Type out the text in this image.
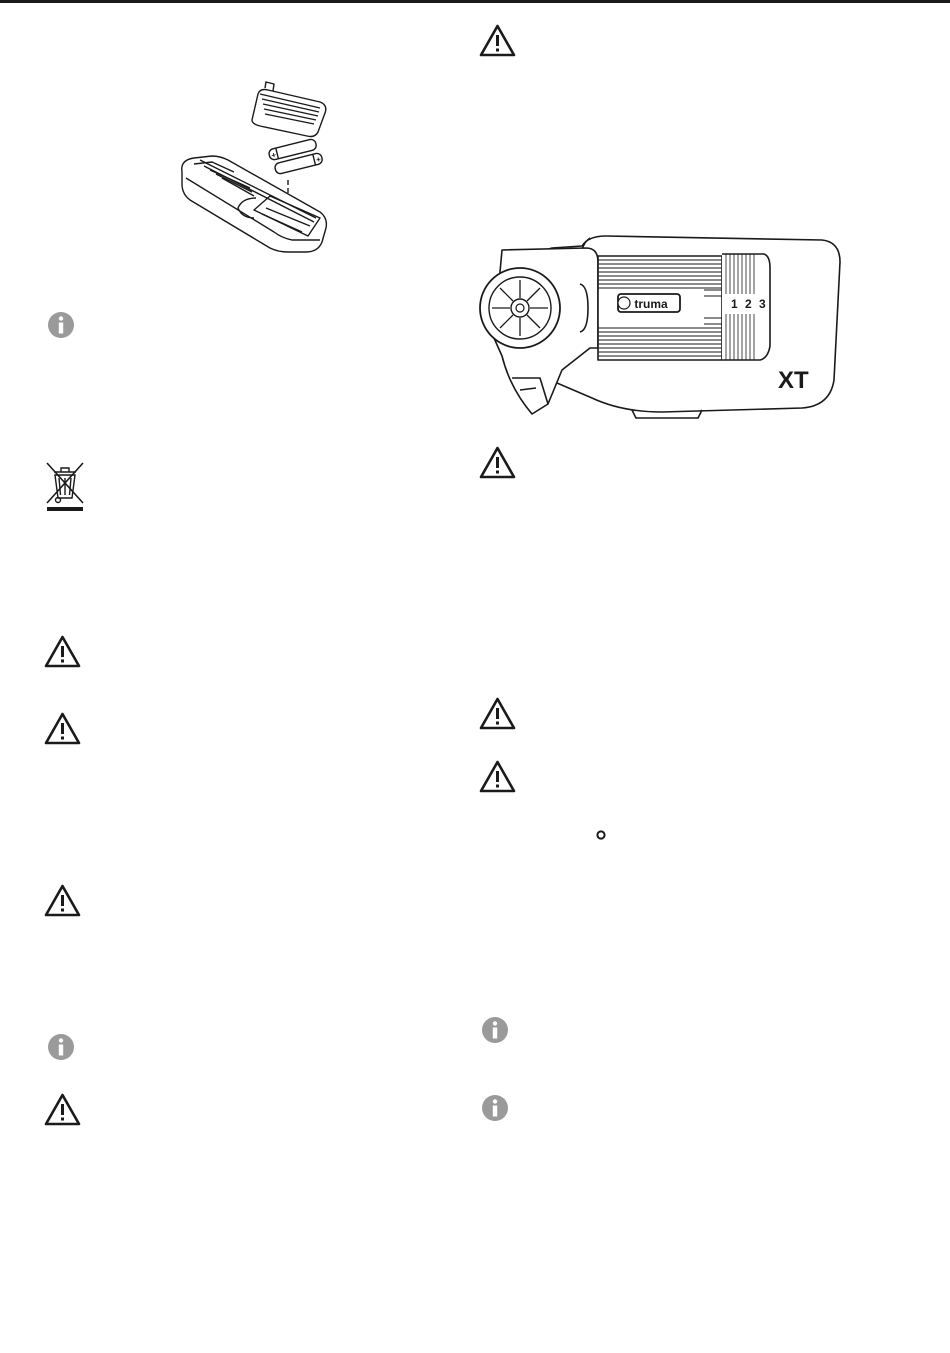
+	+
truma	1 2 3
XT
